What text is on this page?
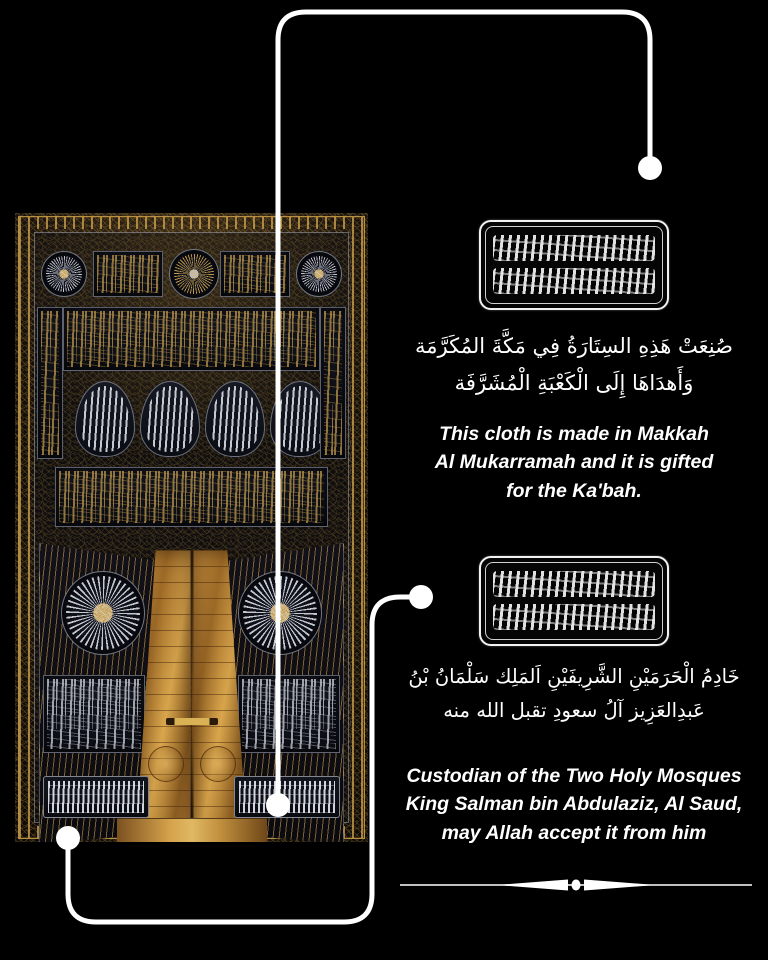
صُنِعَتْ هَذِهِ السِتَارَةُ فِي مَكَّةَ المُكَرَّمَة
وَأَهدَاهَا إِلَى الْكَعْبَةِ الْمُشَرَّفَة
This cloth is made in Makkah
Al Mukarramah and it is gifted
for the Ka'bah.
خَادِمُ الْحَرَمَيْنِ الشَّرِيفَيْنِ اَلمَلِك سَلْمَانُ بْنُ
عَبدِالعَزِيز آلُ سعودِ تقبل الله منه
Custodian of the Two Holy Mosques
King Salman bin Abdulaziz, Al Saud,
may Allah accept it from him
